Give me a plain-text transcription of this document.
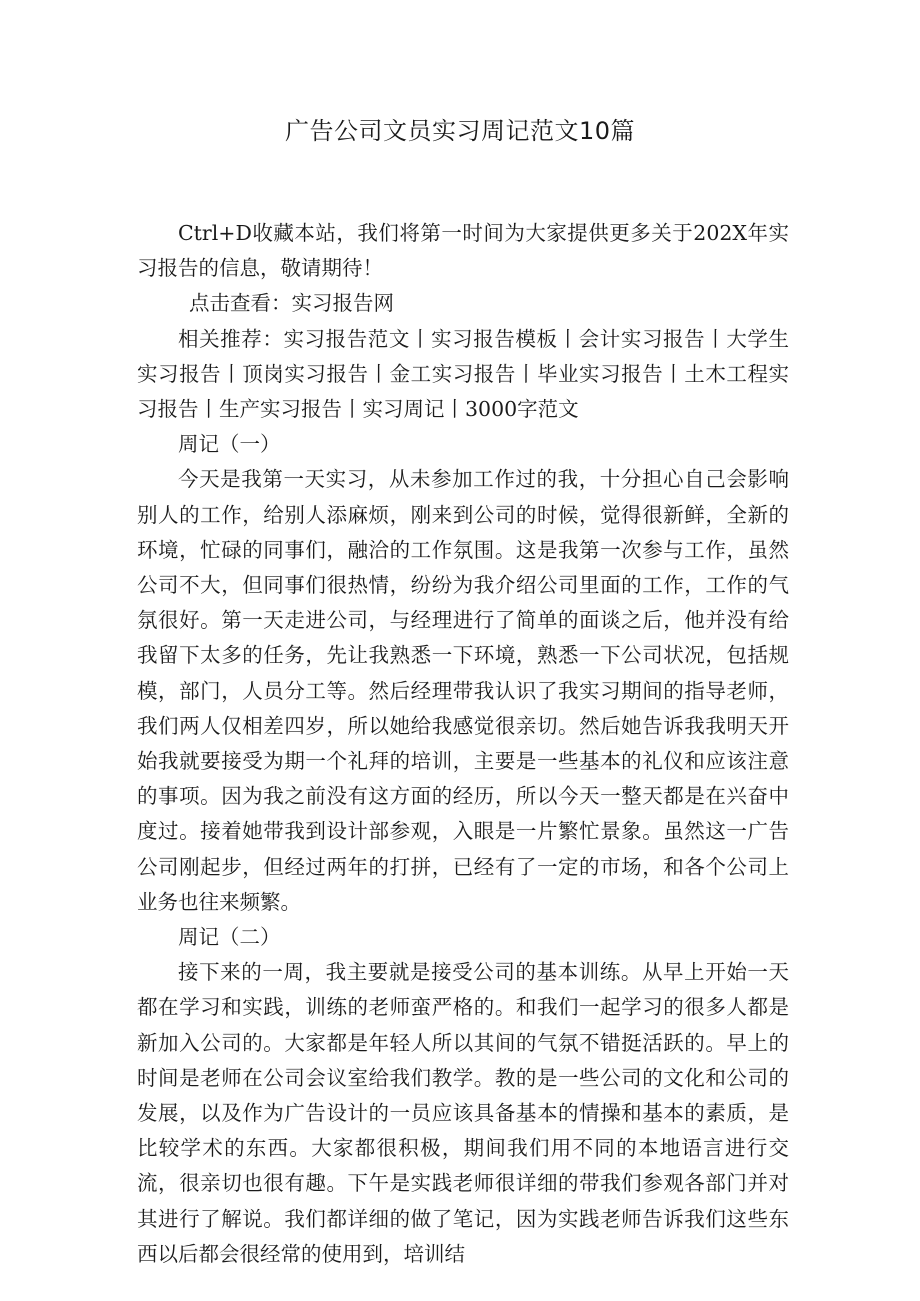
广告公司文员实习周记范文10篇

Ctrl+D收藏本站，我们将第一时间为大家提供更多关于202X年实习报告的信息，敬请期待！

点击查看：实习报告网

相关推荐：实习报告范文丨实习报告模板丨会计实习报告丨大学生实习报告丨顶岗实习报告丨金工实习报告丨毕业实习报告丨土木工程实习报告丨生产实习报告丨实习周记丨3000字范文

周记（一）

今天是我第一天实习，从未参加工作过的我，十分担心自己会影响别人的工作，给别人添麻烦，刚来到公司的时候，觉得很新鲜，全新的环境，忙碌的同事们，融洽的工作氛围。这是我第一次参与工作，虽然公司不大，但同事们很热情，纷纷为我介绍公司里面的工作，工作的气氛很好。第一天走进公司，与经理进行了简单的面谈之后，他并没有给我留下太多的任务，先让我熟悉一下环境，熟悉一下公司状况，包括规模，部门，人员分工等。然后经理带我认识了我实习期间的指导老师，我们两人仅相差四岁，所以她给我感觉很亲切。然后她告诉我我明天开始我就要接受为期一个礼拜的培训，主要是一些基本的礼仪和应该注意的事项。因为我之前没有这方面的经历，所以今天一整天都是在兴奋中度过。接着她带我到设计部参观，入眼是一片繁忙景象。虽然这一广告公司刚起步，但经过两年的打拼，已经有了一定的市场，和各个公司上业务也往来频繁。

周记（二）

接下来的一周，我主要就是接受公司的基本训练。从早上开始一天都在学习和实践，训练的老师蛮严格的。和我们一起学习的很多人都是新加入公司的。大家都是年轻人所以其间的气氛不错挺活跃的。早上的时间是老师在公司会议室给我们教学。教的是一些公司的文化和公司的发展，以及作为广告设计的一员应该具备基本的情操和基本的素质，是比较学术的东西。大家都很积极，期间我们用不同的本地语言进行交流，很亲切也很有趣。下午是实践老师很详细的带我们参观各部门并对其进行了解说。我们都详细的做了笔记，因为实践老师告诉我们这些东西以后都会很经常的使用到，培训结
